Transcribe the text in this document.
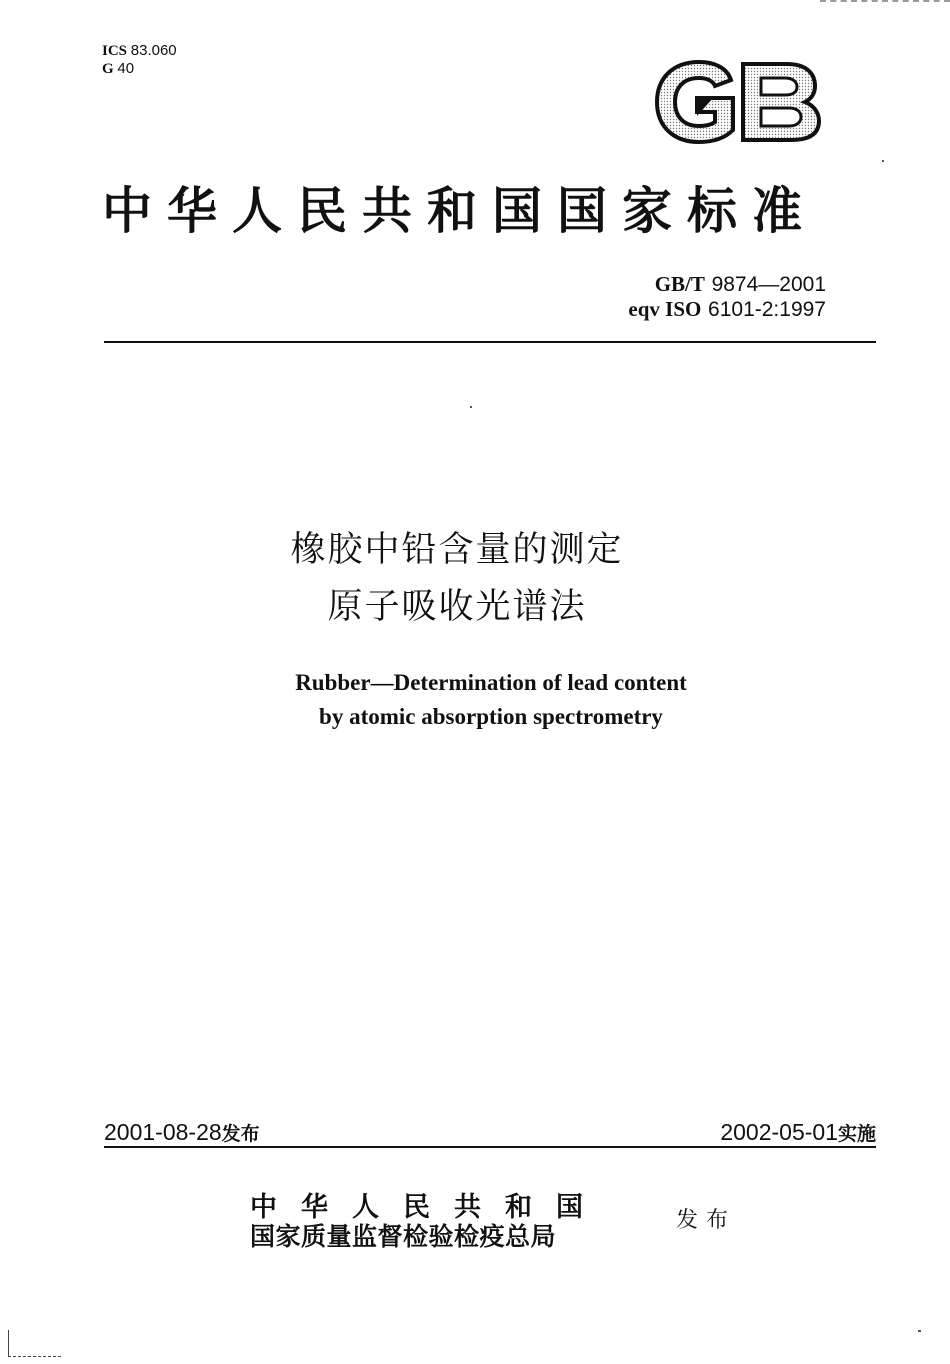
ICS 83.060
G 40
中华人民共和国国家标准
GB/T 9874—2001
eqv ISO 6101-2:1997
橡胶中铅含量的测定
原子吸收光谱法
Rubber—Determination of lead content
by atomic absorption spectrometry
2001-08-28发布	2002-05-01实施
中华人民共和国
国家质量监督检验检疫总局
发布
